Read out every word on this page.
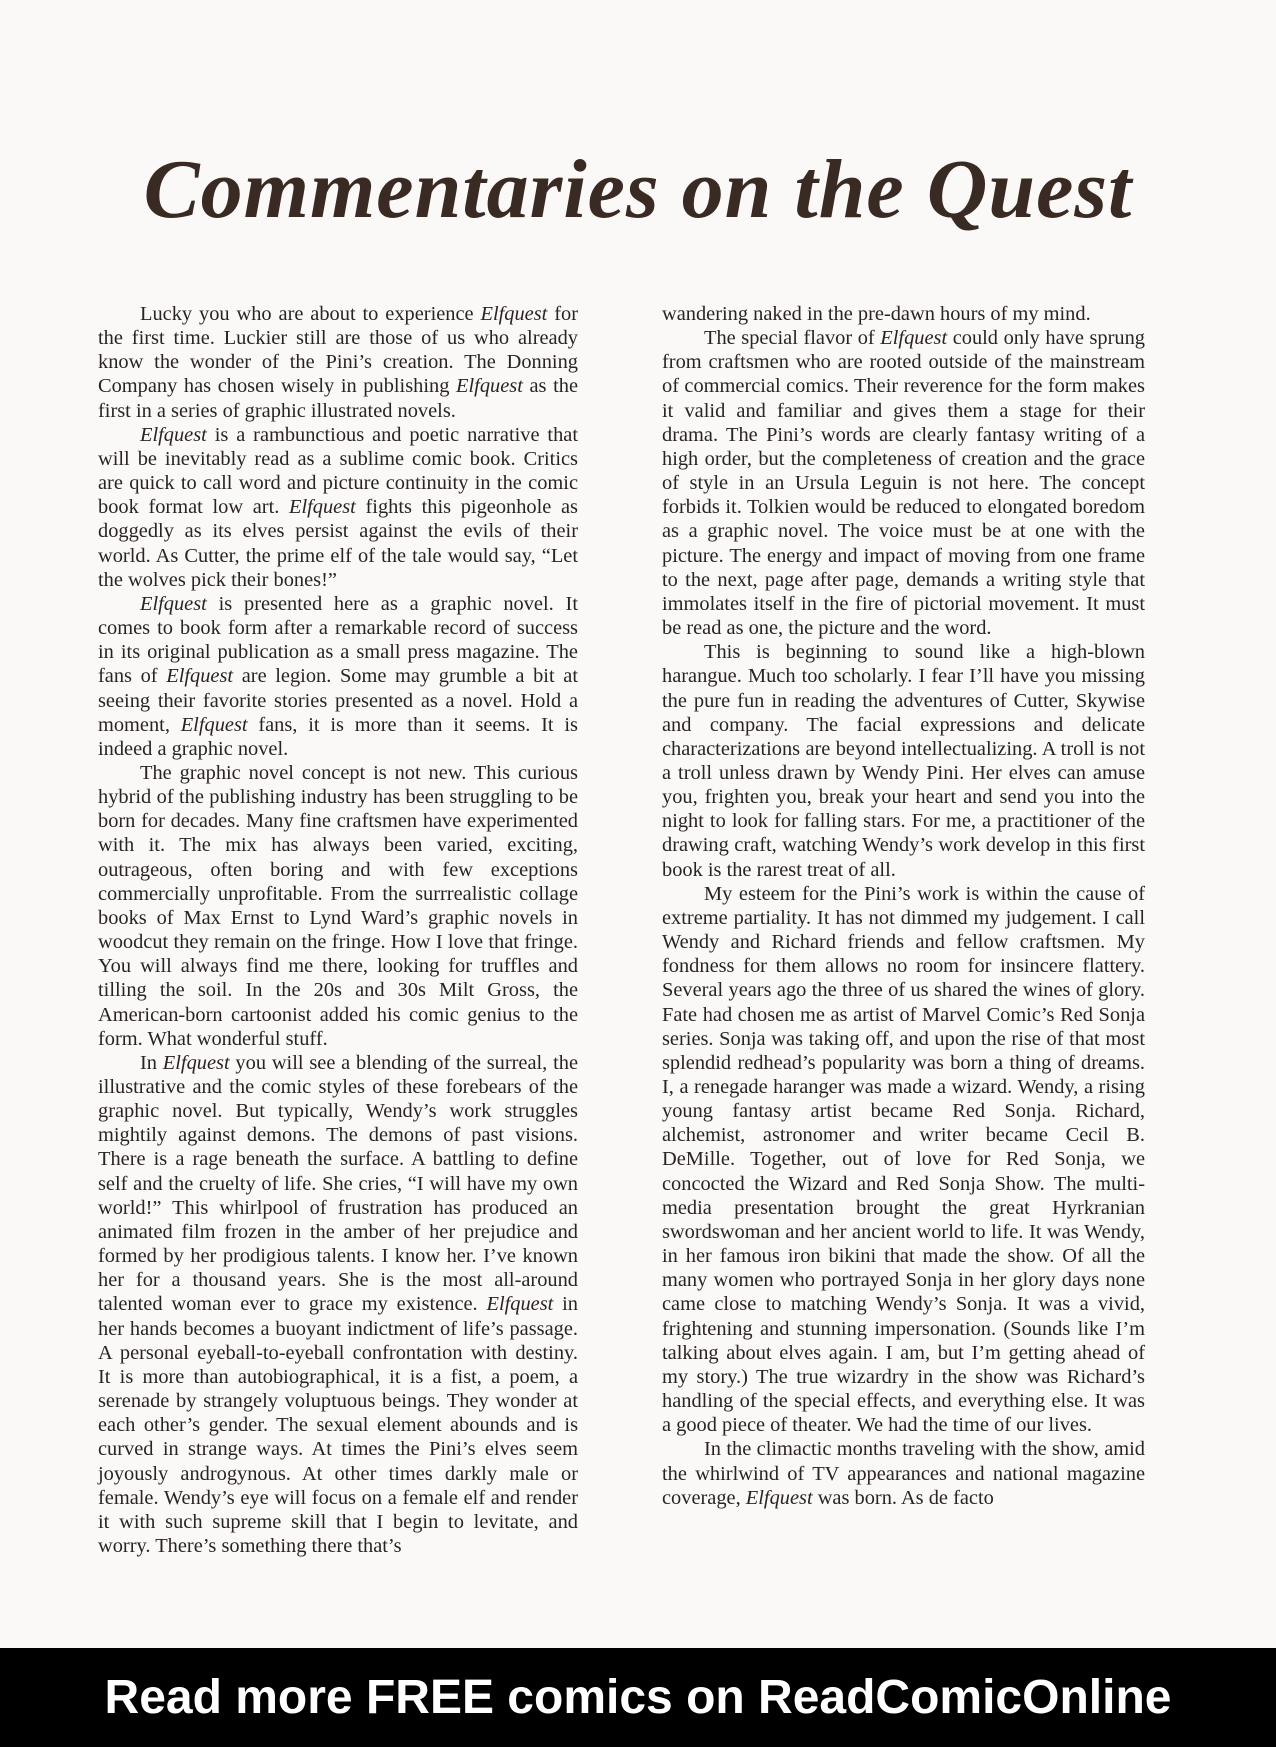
Commentaries on the Quest

Lucky you who are about to experience Elfquest for the first time. Luckier still are those of us who already know the wonder of the Pini’s creation. The Donning Company has chosen wisely in publishing Elfquest as the first in a series of graphic illustrated novels.

Elfquest is a rambunctious and poetic narrative that will be inevitably read as a sublime comic book. Critics are quick to call word and picture continuity in the comic book format low art. Elfquest fights this pigeonhole as doggedly as its elves persist against the evils of their world. As Cutter, the prime elf of the tale would say, “Let the wolves pick their bones!”

Elfquest is presented here as a graphic novel. It comes to book form after a remarkable record of success in its original publication as a small press magazine. The fans of Elfquest are legion. Some may grumble a bit at seeing their favorite stories presented as a novel. Hold a moment, Elfquest fans, it is more than it seems. It is indeed a graphic novel.

The graphic novel concept is not new. This curious hybrid of the publishing industry has been struggling to be born for decades. Many fine craftsmen have experimented with it. The mix has always been varied, exciting, outrageous, often boring and with few exceptions commercially unprofitable. From the surrrealistic collage books of Max Ernst to Lynd Ward’s graphic novels in woodcut they remain on the fringe. How I love that fringe. You will always find me there, looking for truffles and tilling the soil. In the 20s and 30s Milt Gross, the American-born cartoonist added his comic genius to the form. What wonderful stuff.

In Elfquest you will see a blending of the surreal, the illustrative and the comic styles of these forebears of the graphic novel. But typically, Wendy’s work struggles mightily against demons. The demons of past visions. There is a rage beneath the surface. A battling to define self and the cruelty of life. She cries, “I will have my own world!” This whirlpool of frustration has produced an animated film frozen in the amber of her prejudice and formed by her prodigious talents. I know her. I’ve known her for a thousand years. She is the most all-around talented woman ever to grace my existence. Elfquest in her hands becomes a buoyant indictment of life’s passage. A personal eyeball-to-eyeball confrontation with destiny. It is more than autobiographical, it is a fist, a poem, a serenade by strangely voluptuous beings. They wonder at each other’s gender. The sexual element abounds and is curved in strange ways. At times the Pini’s elves seem joyously androgynous. At other times darkly male or female. Wendy’s eye will focus on a female elf and render it with such supreme skill that I begin to levitate, and worry. There’s something there that’s

wandering naked in the pre-dawn hours of my mind.

The special flavor of Elfquest could only have sprung from craftsmen who are rooted outside of the mainstream of commercial comics. Their reverence for the form makes it valid and familiar and gives them a stage for their drama. The Pini’s words are clearly fantasy writing of a high order, but the completeness of creation and the grace of style in an Ursula Leguin is not here. The concept forbids it. Tolkien would be reduced to elongated boredom as a graphic novel. The voice must be at one with the picture. The energy and impact of moving from one frame to the next, page after page, demands a writing style that immolates itself in the fire of pictorial movement. It must be read as one, the picture and the word.

This is beginning to sound like a high-blown harangue. Much too scholarly. I fear I’ll have you missing the pure fun in reading the adventures of Cutter, Skywise and company. The facial expressions and delicate characterizations are beyond intellectualizing. A troll is not a troll unless drawn by Wendy Pini. Her elves can amuse you, frighten you, break your heart and send you into the night to look for falling stars. For me, a practitioner of the drawing craft, watching Wendy’s work develop in this first book is the rarest treat of all.

My esteem for the Pini’s work is within the cause of extreme partiality. It has not dimmed my judgement. I call Wendy and Richard friends and fellow craftsmen. My fondness for them allows no room for insincere flattery. Several years ago the three of us shared the wines of glory. Fate had chosen me as artist of Marvel Comic’s Red Sonja series. Sonja was taking off, and upon the rise of that most splendid redhead’s popularity was born a thing of dreams. I, a renegade haranger was made a wizard. Wendy, a rising young fantasy artist became Red Sonja. Richard, alchemist, astronomer and writer became Cecil B. DeMille. Together, out of love for Red Sonja, we concocted the Wizard and Red Sonja Show. The multi-media presentation brought the great Hyrkranian swordswoman and her ancient world to life. It was Wendy, in her famous iron bikini that made the show. Of all the many women who portrayed Sonja in her glory days none came close to matching Wendy’s Sonja. It was a vivid, frightening and stunning impersonation. (Sounds like I’m talking about elves again. I am, but I’m getting ahead of my story.) The true wizardry in the show was Richard’s handling of the special effects, and everything else. It was a good piece of theater. We had the time of our lives.

In the climactic months traveling with the show, amid the whirlwind of TV appearances and national magazine coverage, Elfquest was born. As de facto

Read more FREE comics on ReadComicOnline
